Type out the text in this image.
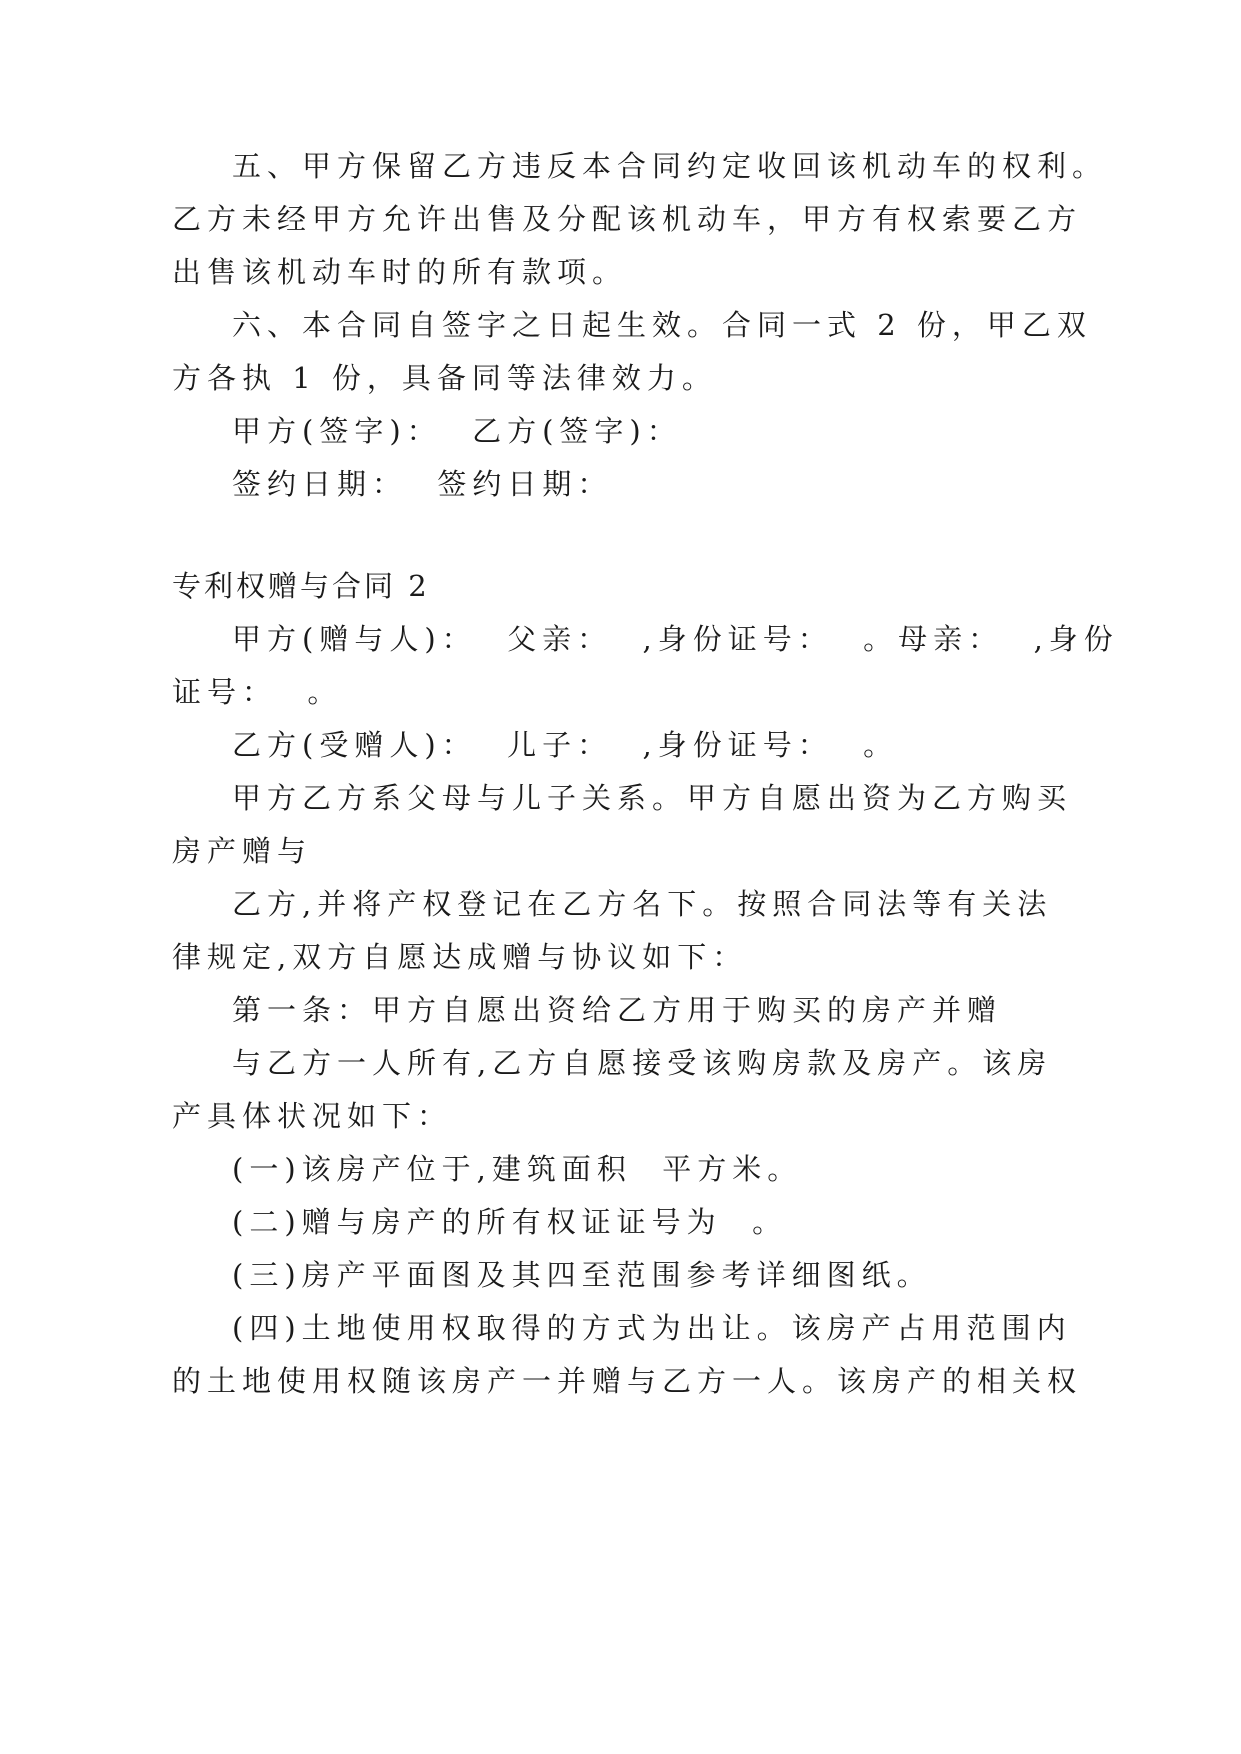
五、甲方保留乙方违反本合同约定收回该机动车的权利。
乙方未经甲方允许出售及分配该机动车，甲方有权索要乙方
出售该机动车时的所有款项。
六、本合同自签字之日起生效。合同一式 2 份，甲乙双
方各执 1 份，具备同等法律效力。
甲方(签字)：  乙方(签字)：
签约日期：  签约日期：
专利权赠与合同 2
甲方(赠与人)：  父亲：  ,身份证号：  。母亲：  ,身份
证号：  。
乙方(受赠人)：  儿子：  ,身份证号：  。
甲方乙方系父母与儿子关系。甲方自愿出资为乙方购买
房产赠与
乙方,并将产权登记在乙方名下。按照合同法等有关法
律规定,双方自愿达成赠与协议如下：
第一条：甲方自愿出资给乙方用于购买的房产并赠
与乙方一人所有,乙方自愿接受该购房款及房产。该房
产具体状况如下：
(一)该房产位于,建筑面积  平方米。
(二)赠与房产的所有权证证号为  。
(三)房产平面图及其四至范围参考详细图纸。
(四)土地使用权取得的方式为出让。该房产占用范围内
的土地使用权随该房产一并赠与乙方一人。该房产的相关权
